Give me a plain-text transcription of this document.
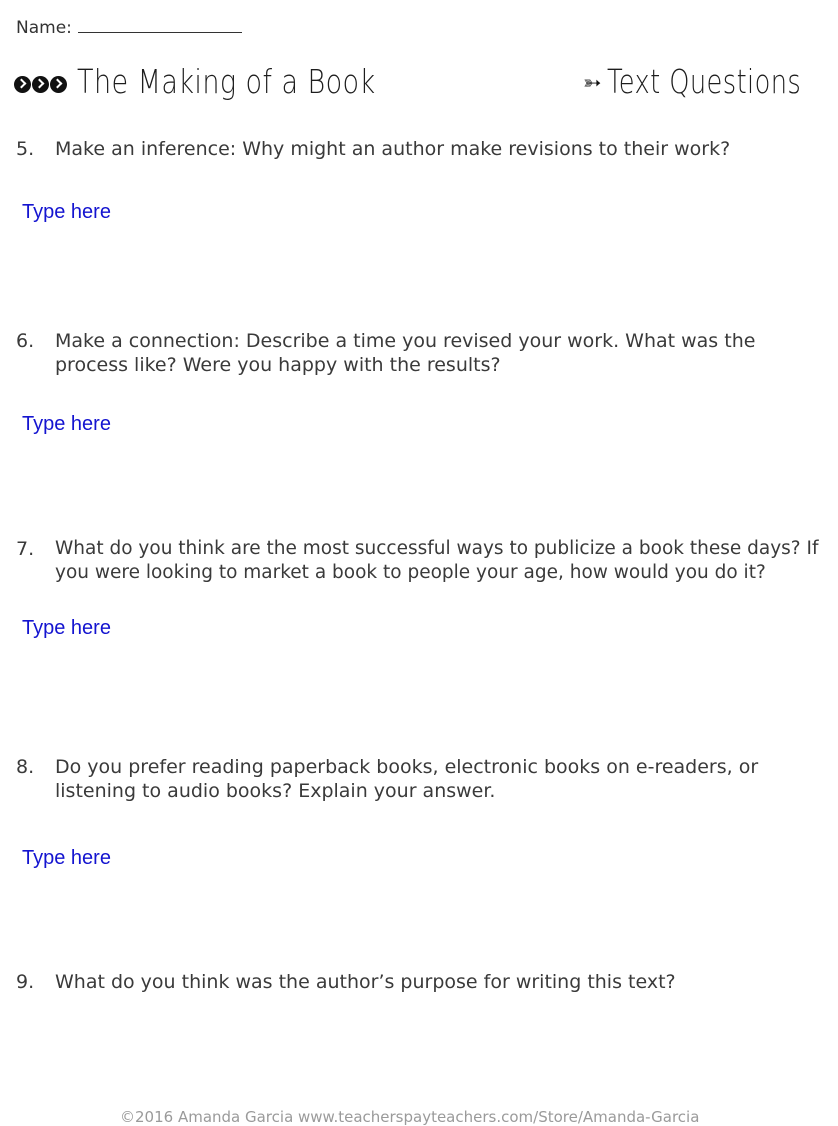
Name:
The Making of a Book	➳ Text Questions
5.	Make an inference: Why might an author make revisions to their work?
Type here
6.	Make a connection: Describe a time you revised your work. What was the process like? Were you happy with the results?
Type here
7.	What do you think are the most successful ways to publicize a book these days? If you were looking to market a book to people your age, how would you do it?
Type here
8.	Do you prefer reading paperback books, electronic books on e-readers, or listening to audio books? Explain your answer.
Type here
9.	What do you think was the author’s purpose for writing this text?
©2016 Amanda Garcia www.teacherspayteachers.com/Store/Amanda-Garcia
